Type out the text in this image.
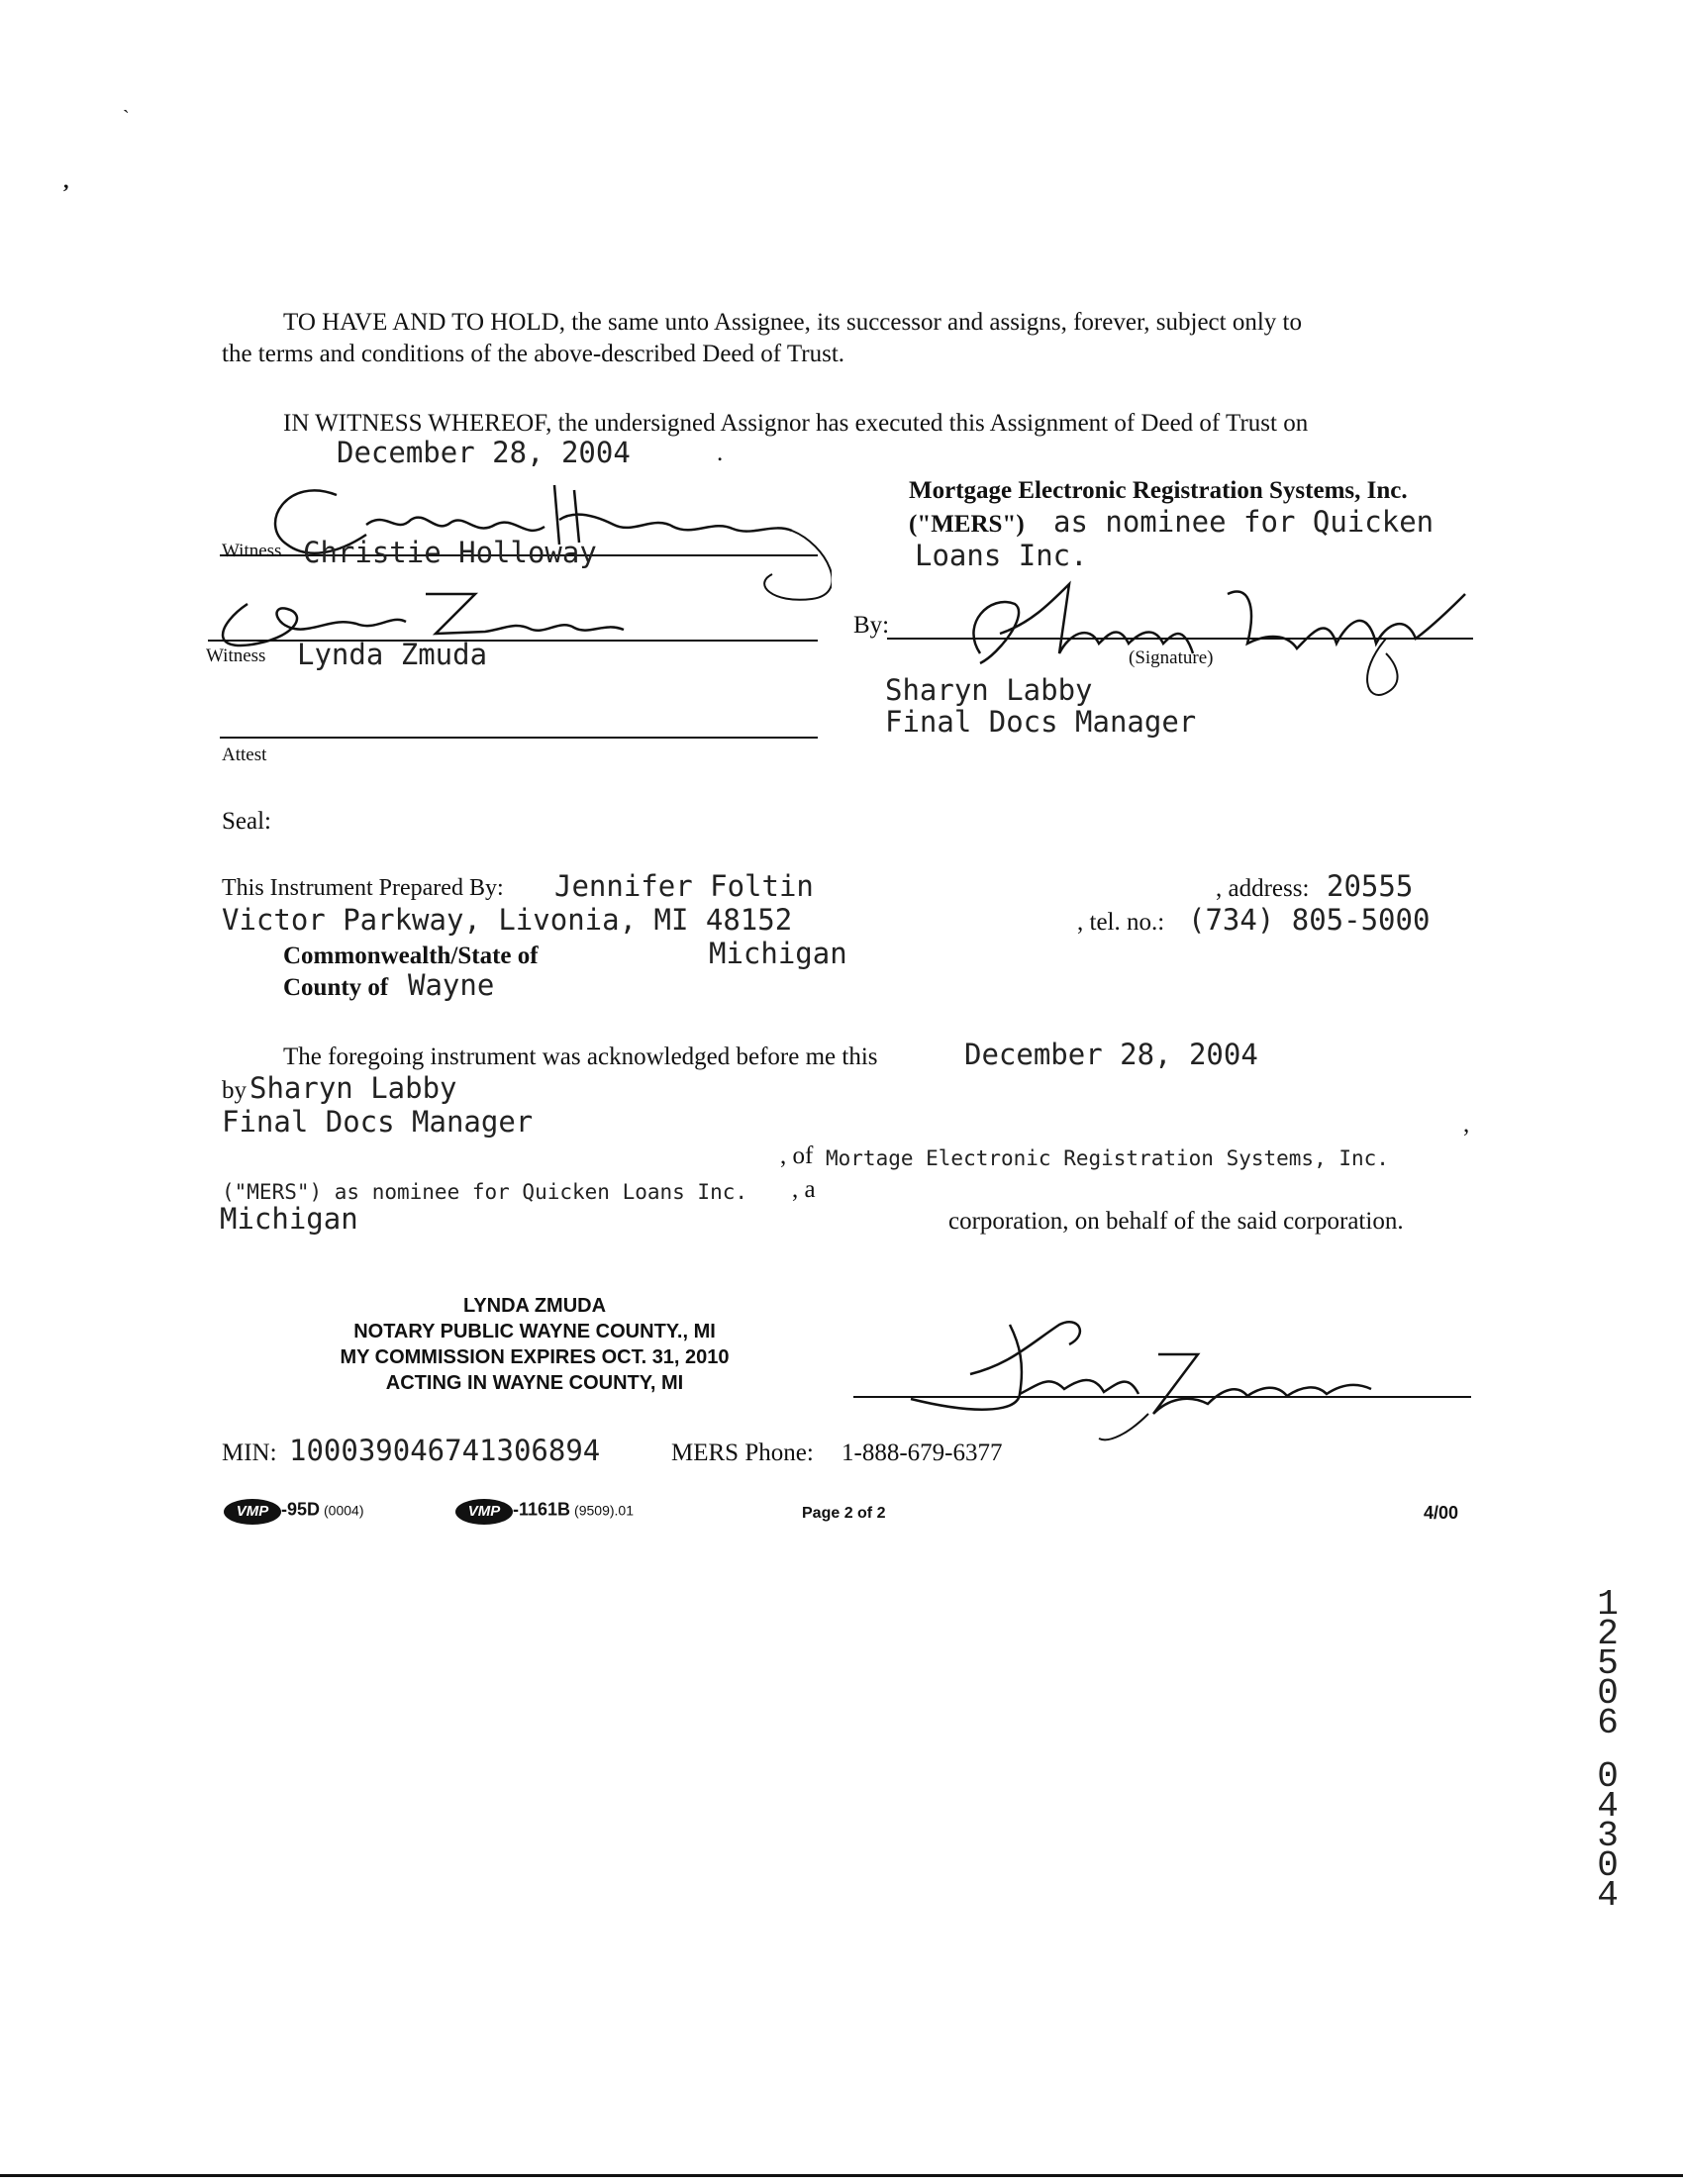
`
,
TO HAVE AND TO HOLD, the same unto Assignee, its successor and assigns, forever, subject only to
the terms and conditions of the above-described Deed of Trust.
IN WITNESS WHEREOF, the undersigned Assignor has executed this Assignment of Deed of Trust on
December 28, 2004	.
Witness Christie Holloway
Witness Lynda Zmuda
Attest
Seal:
Mortgage Electronic Registration Systems, Inc.
("MERS") as nominee for Quicken
Loans Inc.
By:
(Signature)
Sharyn Labby
Final Docs Manager
This Instrument Prepared By: Jennifer Foltin	, address: 20555
Victor Parkway, Livonia, MI 48152	, tel. no.: (734) 805-5000
Commonwealth/State of	Michigan
County of Wayne
The foregoing instrument was acknowledged before me this	December 28, 2004
by Sharyn Labby
Final Docs Manager	,
, of Mortage Electronic Registration Systems, Inc.
("MERS") as nominee for Quicken Loans Inc. , a
Michigan	corporation, on behalf of the said corporation.
LYNDA ZMUDA
NOTARY PUBLIC WAYNE COUNTY., MI
MY COMMISSION EXPIRES OCT. 31, 2010
ACTING IN WAYNE COUNTY, MI
MIN: 100039046741306894	MERS Phone: 1-888-679-6377
VMP -95D (0004)	VMP -1161B (9509).01	Page 2 of 2	4/00
12506
04304
